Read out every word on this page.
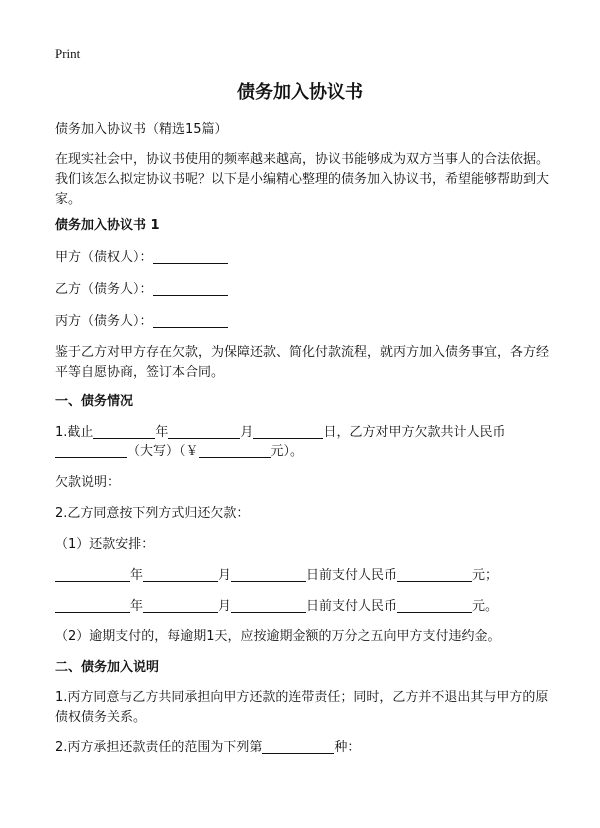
Print
债务加入协议书
债务加入协议书（精选15篇）
在现实社会中，协议书使用的频率越来越高，协议书能够成为双方当事人的合法依据。我们该怎么拟定协议书呢？以下是小编精心整理的债务加入协议书，希望能够帮助到大家。
债务加入协议书 1
甲方（债权人）：
乙方（债务人）：
丙方（债务人）：
鉴于乙方对甲方存在欠款，为保障还款、简化付款流程，就丙方加入债务事宜，各方经平等自愿协商，签订本合同。
一、债务情况
1.截止	年	月	日，乙方对甲方欠款共计人民币
（大写）（￥	元）。
欠款说明：
2.乙方同意按下列方式归还欠款：
（1）还款安排：
年	月	日前支付人民币	元；
年	月	日前支付人民币	元。
（2）逾期支付的，每逾期1天，应按逾期金额的万分之五向甲方支付违约金。
二、债务加入说明
1.丙方同意与乙方共同承担向甲方还款的连带责任；同时，乙方并不退出其与甲方的原债权债务关系。
2.丙方承担还款责任的范围为下列第	种：
